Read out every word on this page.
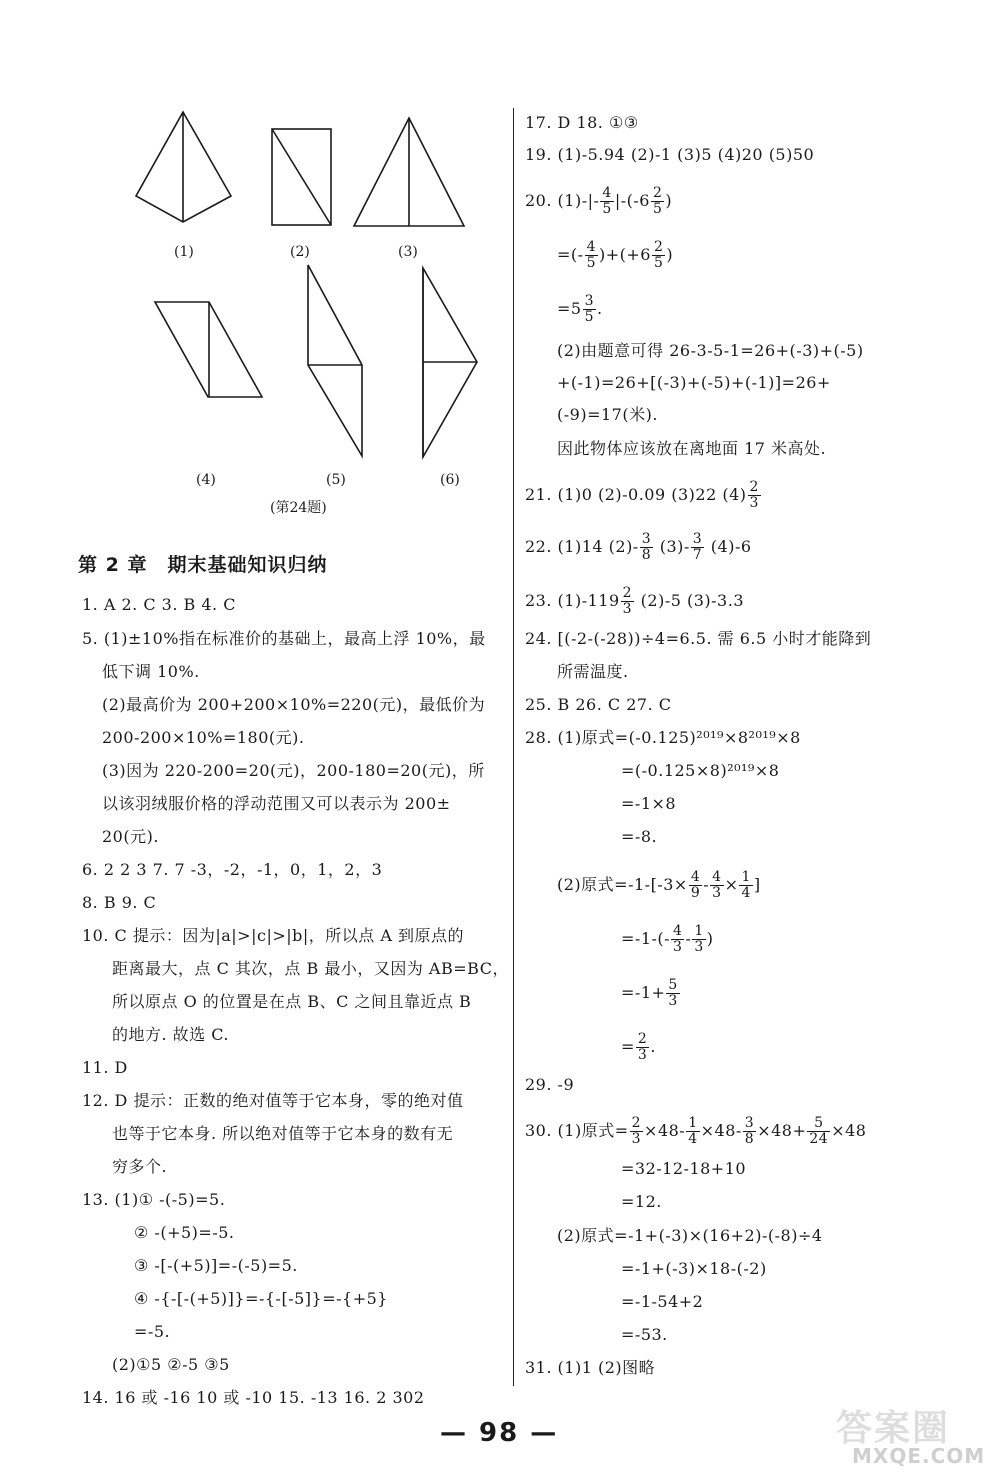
(1)	(2)	(3)
(4)	(5)	(6)
(第24题)
第 2 章　期末基础知识归纳
1. A 2. C 3. B 4. C
5. (1)±10%指在标准价的基础上，最高上浮 10%，最
低下调 10%.
(2)最高价为 200+200×10%=220(元)，最低价为
200-200×10%=180(元).
(3)因为 220-200=20(元)，200-180=20(元)，所
以该羽绒服价格的浮动范围又可以表示为 200±
20(元).
6. 2 2 3 7. 7 -3，-2，-1，0，1，2，3
8. B 9. C
10. C 提示：因为|a|>|c|>|b|，所以点 A 到原点的
距离最大，点 C 其次，点 B 最小，又因为 AB=BC，
所以原点 O 的位置是在点 B、C 之间且靠近点 B
的地方. 故选 C.
11. D
12. D 提示：正数的绝对值等于它本身，零的绝对值
也等于它本身. 所以绝对值等于它本身的数有无
穷多个.
13. (1)① -(-5)=5.
② -(+5)=-5.
③ -[-(+5)]=-(-5)=5.
④ -{-[-(+5)]}=-{-[-5]}=-{+5}
=-5.
(2)①5 ②-5 ③5
14. 16 或 -16 10 或 -10 15. -13 16. 2 302
17. D 18. ①③
19. (1)-5.94 (2)-1 (3)5 (4)20 (5)50
20. $(1)-|- \frac{4}{5} |-(-6 \frac{2}{5}$ )
=(- $\frac{4}{5} )+(+6 \frac{2}{5}$ )
$=5 \frac{3}{5}$ .
(2)由题意可得 26-3-5-1=26+(-3)+(-5)
+(-1)=26+[(-3)+(-5)+(-1)]=26+
(-9)=17(米).
因此物体应该放在离地面 17 米高处.
21. (1)0 (2)-0.09 (3)22 $(4) \frac{2}{3}$
22. (1)14 $(2)- \frac{3}{8} (3)- \frac{3}{7} (4)-6$
23. $(1)-119 \frac{2}{3} (2)-5$ (3)-3.3
24. [(-2-(-28))÷4=6.5. 需 6.5 小时才能降到
所需温度.
25. B 26. C 27. C
28. (1)原式=(-0.125)²⁰¹⁹×8²⁰¹⁹×8
=(-0.125×8)²⁰¹⁹×8
=-1×8
=-8.
(2)原式$=-1-[-3\times \frac{4}{9} - \frac{4}{3} \times \frac{1}{4}$ ]
$=-1-(- \frac{4}{3} - \frac{1}{3}$ )
$=-1+ \frac{5}{3}$
= $\frac{2}{3}$ .
29. -9
30. (1)原式= $\frac{2}{3} \times 48- \frac{1}{4} \times 48- \frac{3}{8} \times 48+ \frac{5}{24} \times 48$
=32-12-18+10
=12.
(2)原式=-1+(-3)×(16+2)-(-8)÷4
=-1+(-3)×18-(-2)
=-1-54+2
=-53.
31. (1)1 (2)图略
— 98 —	答案圈
MXQE.COM
